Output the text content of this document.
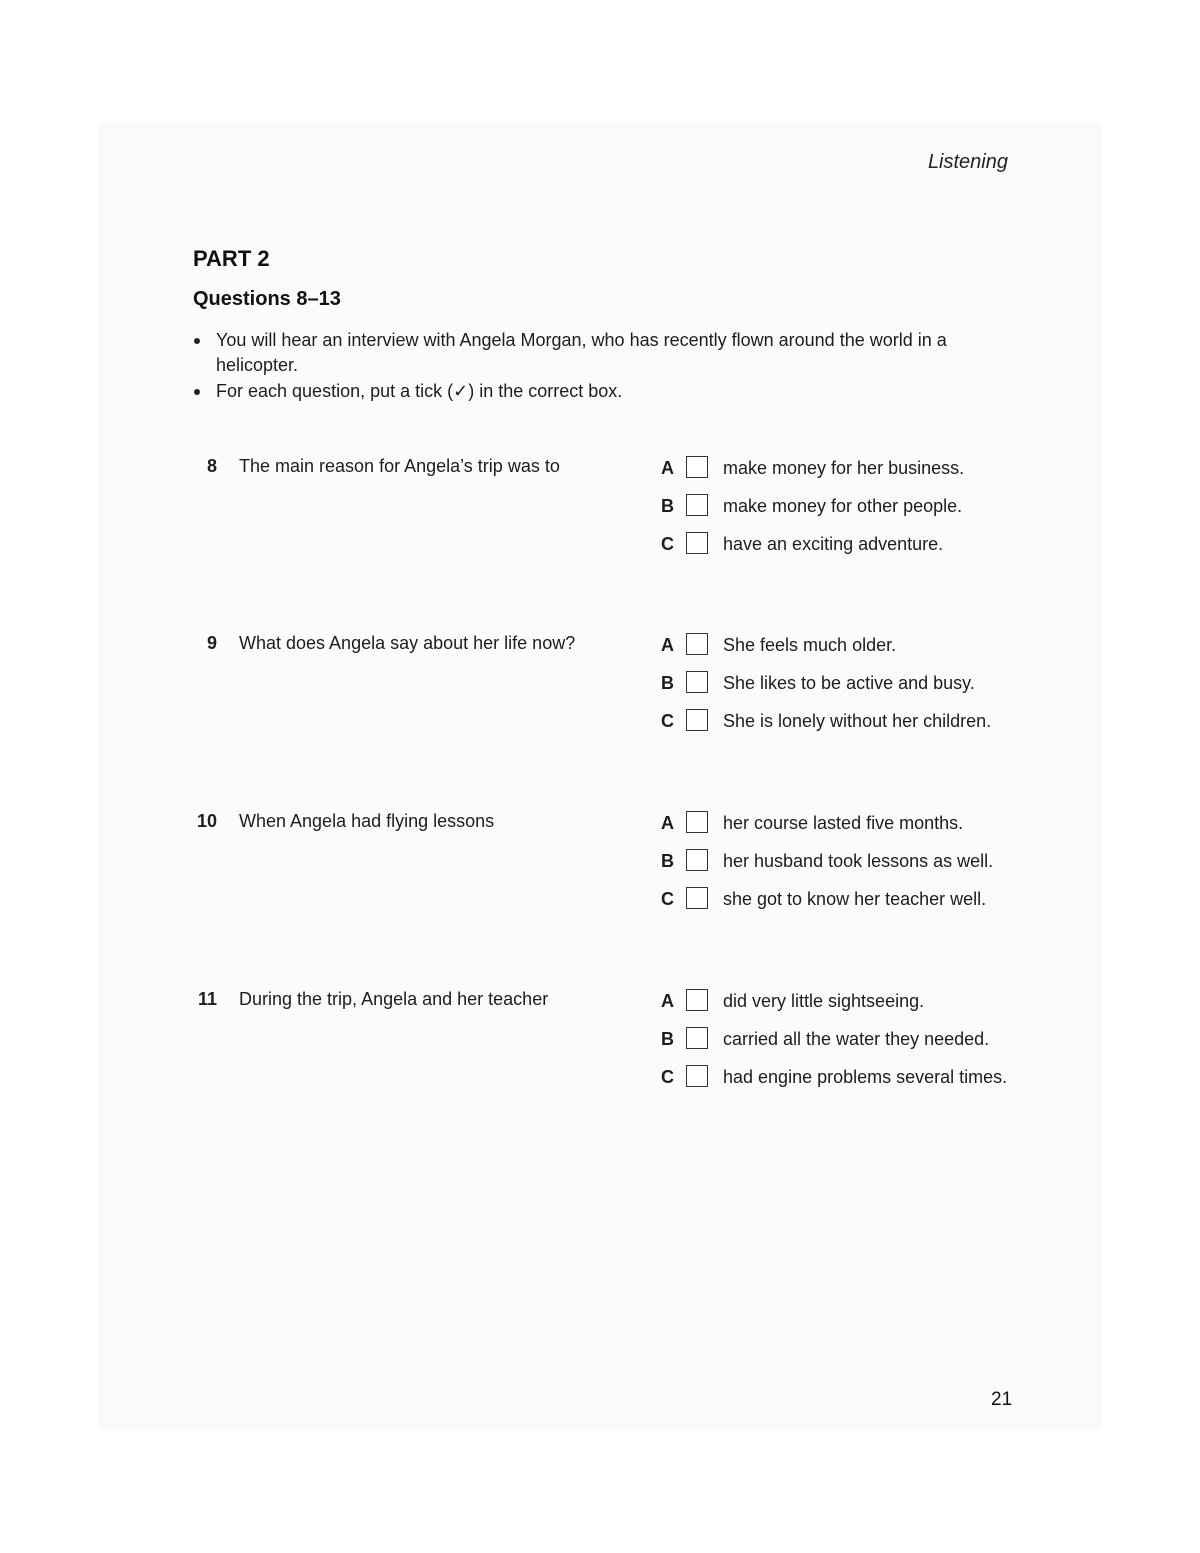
Listening
PART 2
Questions 8–13
You will hear an interview with Angela Morgan, who has recently flown around the world in a helicopter.
For each question, put a tick (✓) in the correct box.
8 The main reason for Angela’s trip was to	A	make money for her business.
B	make money for other people.
C	have an exciting adventure.
9 What does Angela say about her life now?	A	She feels much older.
B	She likes to be active and busy.
C	She is lonely without her children.
10 When Angela had flying lessons	A	her course lasted five months.
B	her husband took lessons as well.
C	she got to know her teacher well.
11 During the trip, Angela and her teacher	A	did very little sightseeing.
B	carried all the water they needed.
C	had engine problems several times.
21
